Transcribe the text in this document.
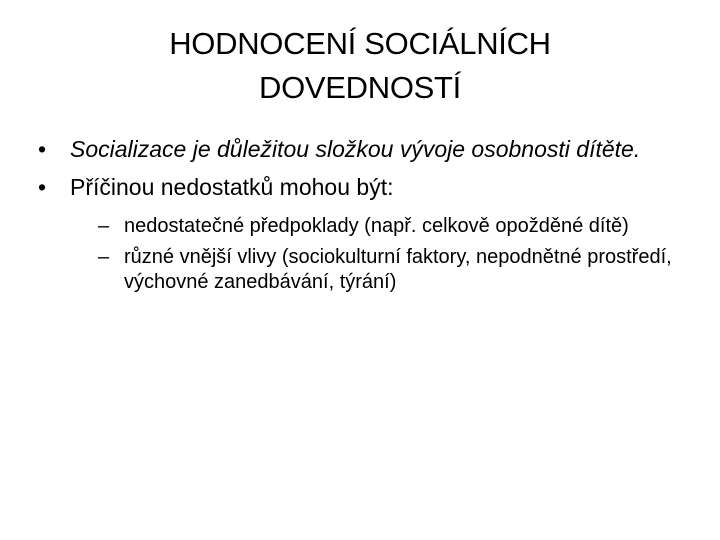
HODNOCENÍ SOCIÁLNÍCH
DOVEDNOSTÍ
•	Socializace je důležitou složkou vývoje osobnosti dítěte.
•	Příčinou nedostatků mohou být:
– nedostatečné předpoklady (např. celkově opožděné dítě)
– různé vnější vlivy (sociokulturní faktory, nepodnětné prostředí, výchovné zanedbávání, týrání)
